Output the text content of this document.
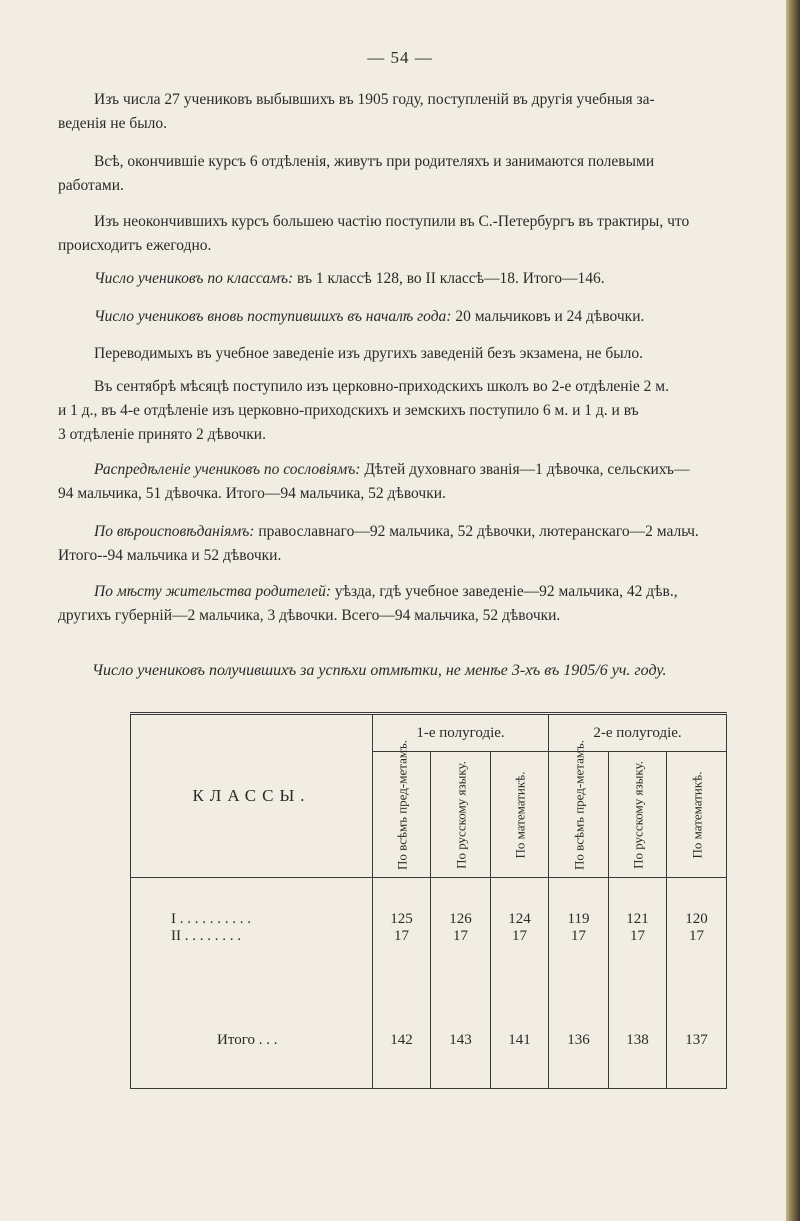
— 54 —
Изъ числа 27 учениковъ выбывшихъ въ 1905 году, поступленій въ другія учебныя за-
веденія не было.
Всѣ, окончившіе курсъ 6 отдѣленія, живутъ при родителяхъ и занимаются полевыми
работами.
Изъ неокончившихъ курсъ большею частію поступили въ С.-Петербургъ въ трактиры, что
происходитъ ежегодно.
Число учениковъ по классамъ: въ 1 классѣ 128, во II классѣ—18. Итого—146.
Число учениковъ вновь поступившихъ въ началѣ года: 20 мальчиковъ и 24 дѣвочки.
Переводимыхъ въ учебное заведеніе изъ другихъ заведеній безъ экзамена, не было.
Въ сентябрѣ мѣсяцѣ поступило изъ церковно-приходскихъ школъ во 2-е отдѣленіе 2 м.
и 1 д., въ 4-е отдѣленіе изъ церковно-приходскихъ и земскихъ поступило 6 м. и 1 д. и въ
3 отдѣленіе принято 2 дѣвочки.
Распредѣленіе учениковъ по сословіямъ: Дѣтей духовнаго званія—1 дѣвочка, сельскихъ—
94 мальчика, 51 дѣвочка. Итого—94 мальчика, 52 дѣвочки.
По вѣроисповѣданіямъ: православнаго—92 мальчика, 52 дѣвочки, лютеранскаго—2 мальч.
Итого--94 мальчика и 52 дѣвочки.
По мѣсту жительства родителей: уѣзда, гдѣ учебное заведеніе—92 мальчика, 42 дѣв.,
другихъ губерній—2 мальчика, 3 дѣвочки. Всего—94 мальчика, 52 дѣвочки.
Число учениковъ получившихъ за успѣхи отмѣтки, не менѣе 3-хъ въ 1905/6 уч. году.
КЛАССЫ.	1-е полугодіе.			2-е полугодіе.		

	По всѣмъ пред-метамъ.	По русскому языку.	По математикѣ.	По всѣмъ пред-метамъ.	По русскому языку.	По математикѣ.

I . . . . . . . . . .	125	126	124	119	121	120
II . . . . . . . .	17	17	17	17	17	17
Итого . . .	142	143	141	136	138	137
